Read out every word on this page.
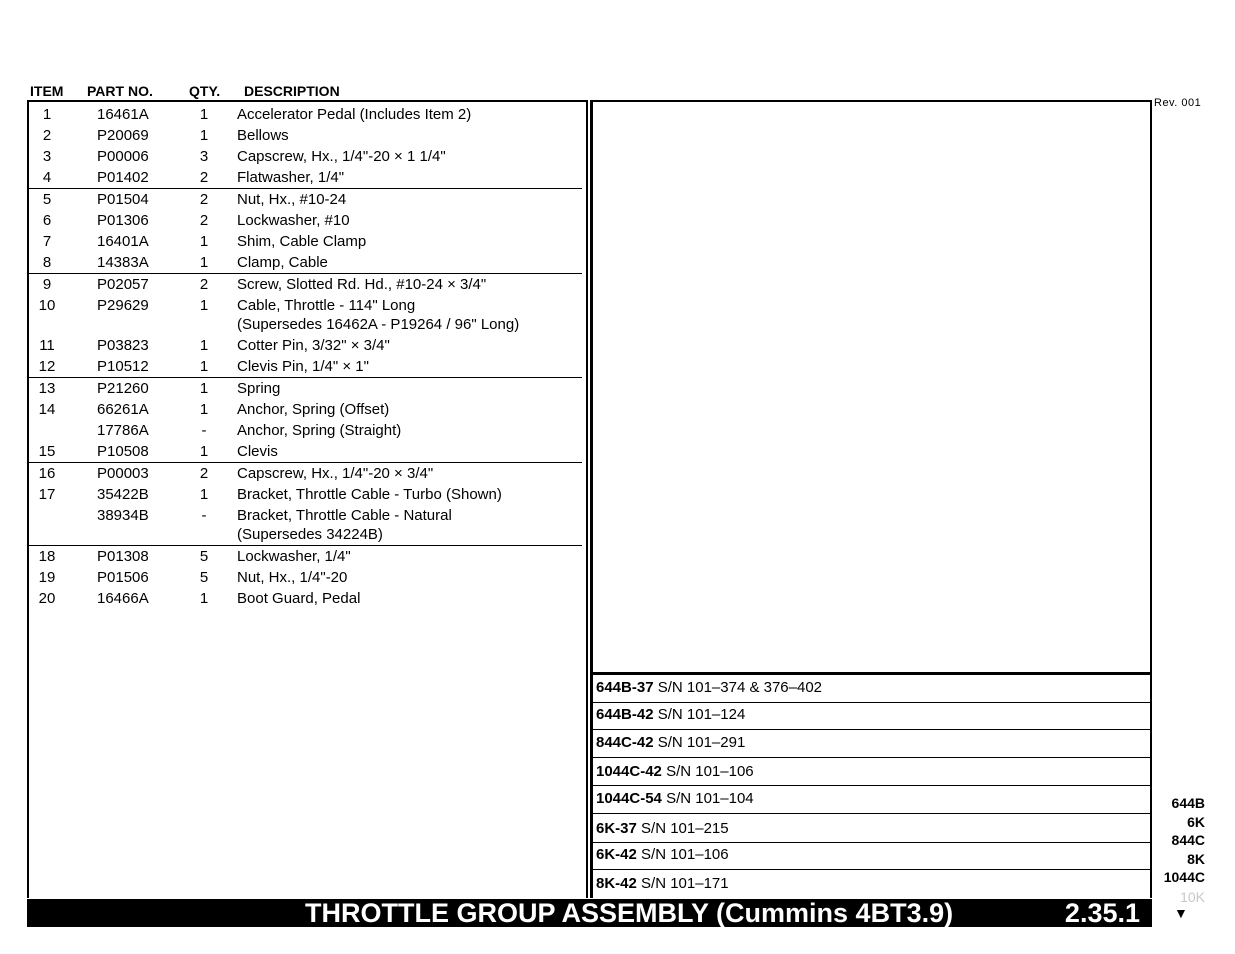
ITEM PART NO.	QTY. DESCRIPTION
1	16461A	1 Accelerator Pedal (Includes Item 2)
2	P20069	1 Bellows
3	P00006	3 Capscrew, Hx., 1/4"-20 × 1 1/4"
4	P01402	2 Flatwasher, 1/4"
5	P01504	2 Nut, Hx., #10-24
6	P01306	2 Lockwasher, #10
7	16401A	1 Shim, Cable Clamp
8	14383A	1 Clamp, Cable
9	P02057	2 Screw, Slotted Rd. Hd., #10-24 × 3/4"
10	P29629	1 Cable, Throttle - 114" Long
(Supersedes 16462A - P19264 / 96" Long)
11	P03823	1 Cotter Pin, 3/32" × 3/4"
12	P10512	1 Clevis Pin, 1/4" × 1"
13	P21260	1 Spring
14	66261A	1 Anchor, Spring (Offset)
17786A	-	Anchor, Spring (Straight)
15	P10508	1 Clevis
16	P00003	2 Capscrew, Hx., 1/4"-20 × 3/4"
17	35422B	1 Bracket, Throttle Cable - Turbo (Shown)
38934B	-	Bracket, Throttle Cable - Natural
(Supersedes 34224B)
18	P01308	5 Lockwasher, 1/4"
19	P01506	5 Nut, Hx., 1/4"-20
20	16466A	1 Boot Guard, Pedal
644B-37 S/N 101–374 & 376–402
644B-42 S/N 101–124
844C-42 S/N 101–291
1044C-42 S/N 101–106
1044C-54 S/N 101–104
6K-37 S/N 101–215
6K-42 S/N 101–106
8K-42 S/N 101–171
Rev. 001
644B
6K
844C
8K
1044C
10K
▼
THROTTLE GROUP ASSEMBLY (Cummins 4BT3.9)	2.35.1
